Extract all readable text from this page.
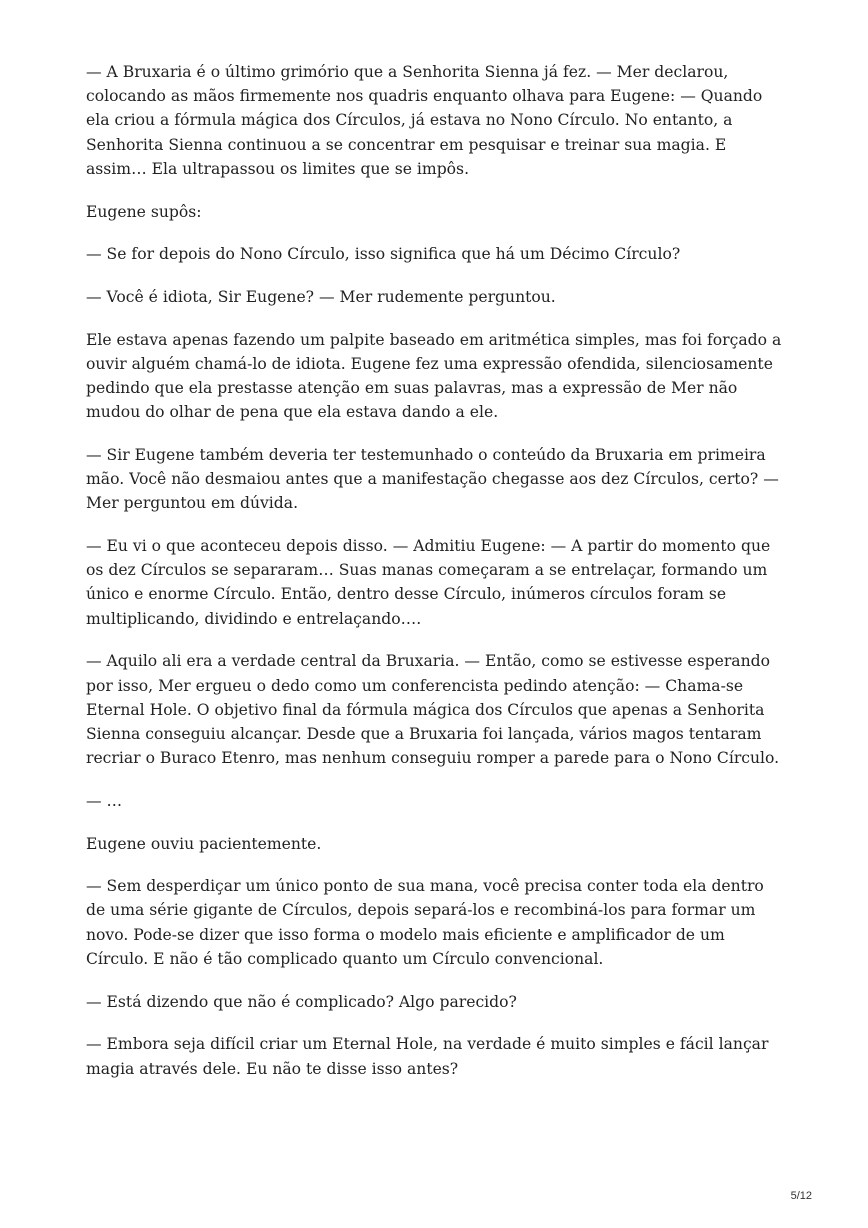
— A Bruxaria é o último grimório que a Senhorita Sienna já fez. — Mer declarou, colocando as mãos firmemente nos quadris enquanto olhava para Eugene: — Quando ela criou a fórmula mágica dos Círculos, já estava no Nono Círculo. No entanto, a Senhorita Sienna continuou a se concentrar em pesquisar e treinar sua magia. E assim… Ela ultrapassou os limites que se impôs.

Eugene supôs:

— Se for depois do Nono Círculo, isso significa que há um Décimo Círculo?

— Você é idiota, Sir Eugene? — Mer rudemente perguntou.

Ele estava apenas fazendo um palpite baseado em aritmética simples, mas foi forçado a ouvir alguém chamá-lo de idiota. Eugene fez uma expressão ofendida, silenciosamente pedindo que ela prestasse atenção em suas palavras, mas a expressão de Mer não mudou do olhar de pena que ela estava dando a ele.

— Sir Eugene também deveria ter testemunhado o conteúdo da Bruxaria em primeira mão. Você não desmaiou antes que a manifestação chegasse aos dez Círculos, certo? — Mer perguntou em dúvida.

— Eu vi o que aconteceu depois disso. — Admitiu Eugene: — A partir do momento que os dez Círculos se separaram… Suas manas começaram a se entrelaçar, formando um único e enorme Círculo. Então, dentro desse Círculo, inúmeros círculos foram se multiplicando, dividindo e entrelaçando….

— Aquilo ali era a verdade central da Bruxaria. — Então, como se estivesse esperando por isso, Mer ergueu o dedo como um conferencista pedindo atenção: — Chama-se Eternal Hole. O objetivo final da fórmula mágica dos Círculos que apenas a Senhorita Sienna conseguiu alcançar. Desde que a Bruxaria foi lançada, vários magos tentaram recriar o Buraco Etenro, mas nenhum conseguiu romper a parede para o Nono Círculo.

— …

Eugene ouviu pacientemente.

— Sem desperdiçar um único ponto de sua mana, você precisa conter toda ela dentro de uma série gigante de Círculos, depois separá-los e recombiná-los para formar um novo. Pode-se dizer que isso forma o modelo mais eficiente e amplificador de um Círculo. E não é tão complicado quanto um Círculo convencional.

— Está dizendo que não é complicado? Algo parecido?

— Embora seja difícil criar um Eternal Hole, na verdade é muito simples e fácil lançar magia através dele. Eu não te disse isso antes?

5/12
